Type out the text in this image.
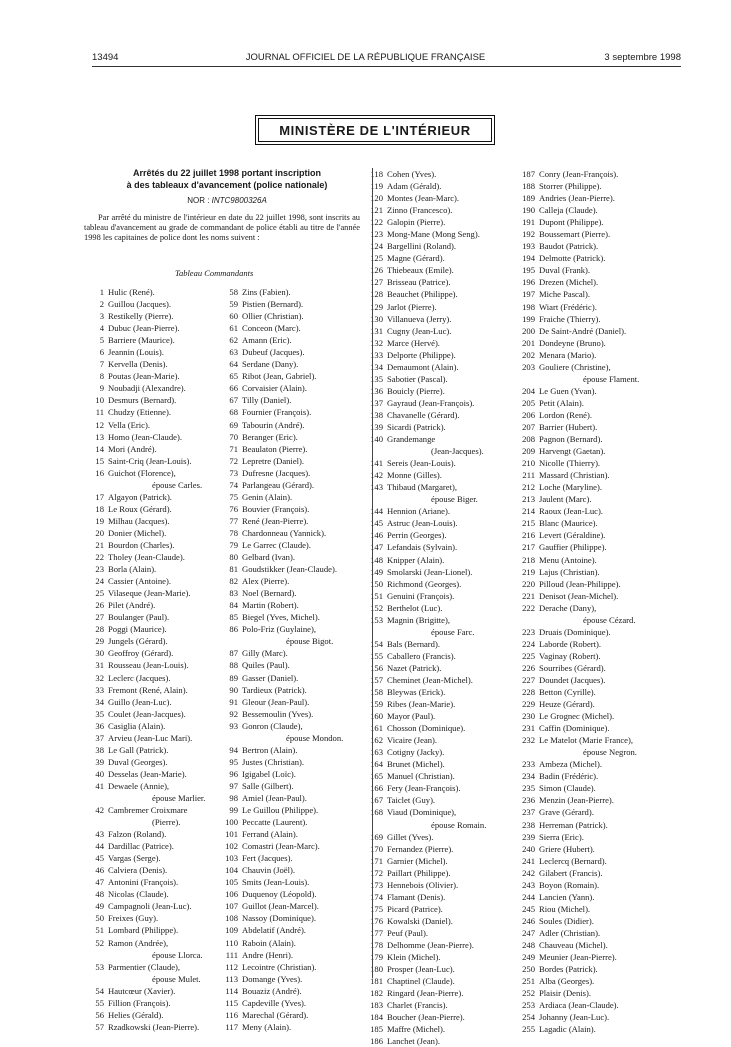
13494	JOURNAL OFFICIEL DE LA RÉPUBLIQUE FRANÇAISE	3 septembre 1998
MINISTÈRE DE L'INTÉRIEUR
Arrêtés du 22 juillet 1998 portant inscription
à des tableaux d'avancement (police nationale)
NOR : INTC9800326A
Par arrêté du ministre de l'intérieur en date du 22 juillet 1998, sont inscrits au tableau d'avancement au grade de commandant de police établi au titre de l'année 1998 les capitaines de police dont les noms suivent :
Tableau Commandants
1 Hulic (René).
2 Guillou (Jacques).
3 Restikelly (Pierre).
4 Dubuc (Jean-Pierre).
5 Barriere (Maurice).
6 Jeannin (Louis).
7 Kervella (Denis).
8 Poutas (Jean-Marie).
9 Noubadji (Alexandre).
10 Desmurs (Bernard).
11 Chudzy (Etienne).
12 Vella (Eric).
13 Homo (Jean-Claude).
14 Mori (André).
15 Saint-Criq (Jean-Louis).
16 Guichot (Florence),
épouse Carles.
17 Algayon (Patrick).
18 Le Roux (Gérard).
19 Milhau (Jacques).
20 Donier (Michel).
21 Bourdon (Charles).
22 Tholey (Jean-Claude).
23 Borla (Alain).
24 Cassier (Antoine).
25 Vilaseque (Jean-Marie).
26 Pilet (André).
27 Boulanger (Paul).
28 Poggi (Maurice).
29 Jungels (Gérard).
30 Geoffroy (Gérard).
31 Rousseau (Jean-Louis).
32 Leclerc (Jacques).
33 Fremont (René, Alain).
34 Guillo (Jean-Luc).
35 Coulet (Jean-Jacques).
36 Casiglia (Alain).
37 Arvieu (Jean-Luc Mari).
38 Le Gall (Patrick).
39 Duval (Georges).
40 Desselas (Jean-Marie).
41 Dewaele (Annie),
épouse Marlier.
42 Cambremer Croixmare
(Pierre).
43 Falzon (Roland).
44 Dardillac (Patrice).
45 Vargas (Serge).
46 Calviera (Denis).
47 Antonini (François).
48 Nicolas (Claude).
49 Campagnoli (Jean-Luc).
50 Freixes (Guy).
51 Lombard (Philippe).
52 Ramon (Andrée),
épouse Llorca.
53 Parmentier (Claude),
épouse Mulet.
54 Hautcœur (Xavier).
55 Fillion (François).
56 Helies (Gérald).
57 Rzadkowski (Jean-Pierre).
58 Zins (Fabien).
59 Pistien (Bernard).
60 Ollier (Christian).
61 Conceon (Marc).
62 Amann (Eric).
63 Dubeuf (Jacques).
64 Serdane (Dany).
65 Ribot (Jean, Gabriel).
66 Corvaisier (Alain).
67 Tilly (Daniel).
68 Fournier (François).
69 Tabourin (André).
70 Beranger (Eric).
71 Beaulaton (Pierre).
72 Lepretre (Daniel).
73 Dufresne (Jacques).
74 Parlangeau (Gérard).
75 Genin (Alain).
76 Bouvier (François).
77 René (Jean-Pierre).
78 Chardonneau (Yannick).
79 Le Garrec (Claude).
80 Gelbard (Ivan).
81 Goudstikker (Jean-Claude).
82 Alex (Pierre).
83 Noel (Bernard).
84 Martin (Robert).
85 Biegel (Yves, Michel).
86 Polo-Friz (Guylaine),
épouse Bigot.
87 Gilly (Marc).
88 Quiles (Paul).
89 Gasser (Daniel).
90 Tardieux (Patrick).
91 Gleour (Jean-Paul).
92 Bessemoulin (Yves).
93 Gonron (Claude),
épouse Mondon.
94 Bertron (Alain).
95 Justes (Christian).
96 Igigabel (Loïc).
97 Salle (Gilbert).
98 Amiel (Jean-Paul).
99 Le Guillou (Philippe).
100 Peccatte (Laurent).
101 Ferrand (Alain).
102 Comastri (Jean-Marc).
103 Fert (Jacques).
104 Chauvin (Joël).
105 Smits (Jean-Louis).
106 Duquenoy (Léopold).
107 Guillot (Jean-Marcel).
108 Nassoy (Dominique).
109 Abdelatif (André).
110 Raboin (Alain).
111 Andre (Henri).
112 Lecointre (Christian).
113 Domange (Yves).
114 Bouaziz (André).
115 Capdeville (Yves).
116 Marechal (Gérard).
117 Meny (Alain).
118 Cohen (Yves).
119 Adam (Gérald).
120 Montes (Jean-Marc).
121 Zinno (Francesco).
122 Galopin (Pierre).
123 Mong-Mane (Mong Seng).
124 Bargellini (Roland).
125 Magne (Gérard).
126 Thiebeaux (Emile).
127 Brisseau (Patrice).
128 Beauchet (Philippe).
129 Jarlot (Pierre).
130 Villanueva (Jerry).
131 Cugny (Jean-Luc).
132 Marce (Hervé).
133 Delporte (Philippe).
134 Demaumont (Alain).
135 Sabotier (Pascal).
136 Bouicly (Pierre).
137 Gayraud (Jean-François).
138 Chavanelle (Gérard).
139 Sicardi (Patrick).
140 Grandemange
(Jean-Jacques).
141 Sereis (Jean-Louis).
142 Monne (Gilles).
143 Thibaud (Margaret),
épouse Biger.
144 Hennion (Ariane).
145 Astruc (Jean-Louis).
146 Perrin (Georges).
147 Lefandais (Sylvain).
148 Knipper (Alain).
149 Smolarski (Jean-Lionel).
150 Richmond (Georges).
151 Genuini (François).
152 Berthelot (Luc).
153 Magnin (Brigitte),
épouse Farc.
154 Bals (Bernard).
155 Caballero (Francis).
156 Nazet (Patrick).
157 Cheminet (Jean-Michel).
158 Bleywas (Erick).
159 Ribes (Jean-Marie).
160 Mayor (Paul).
161 Chosson (Dominique).
162 Vicaire (Jean).
163 Cotigny (Jacky).
164 Brunet (Michel).
165 Manuel (Christian).
166 Fery (Jean-François).
167 Taiclet (Guy).
168 Viaud (Dominique),
épouse Romain.
169 Gillet (Yves).
170 Fernandez (Pierre).
171 Garnier (Michel).
172 Paillart (Philippe).
173 Hennebois (Olivier).
174 Flamant (Denis).
175 Picard (Patrice).
176 Kowalski (Daniel).
177 Peuf (Paul).
178 Delhomme (Jean-Pierre).
179 Klein (Michel).
180 Prosper (Jean-Luc).
181 Chaptinel (Claude).
182 Ringard (Jean-Pierre).
183 Charlet (Francis).
184 Boucher (Jean-Pierre).
185 Maffre (Michel).
186 Lanchet (Jean).
187 Conry (Jean-François).
188 Storrer (Philippe).
189 Andries (Jean-Pierre).
190 Calleja (Claude).
191 Dupont (Philippe).
192 Boussemart (Pierre).
193 Baudot (Patrick).
194 Delmotte (Patrick).
195 Duval (Frank).
196 Drezen (Michel).
197 Miche Pascal).
198 Wiart (Frédéric).
199 Fraiche (Thierry).
200 De Saint-André (Daniel).
201 Dondeyne (Bruno).
202 Menara (Mario).
203 Gouliere (Christine),
épouse Flament.
204 Le Guen (Yvan).
205 Petit (Alain).
206 Lordon (René).
207 Barrier (Hubert).
208 Pagnon (Bernard).
209 Harvengt (Gaetan).
210 Nicolle (Thierry).
211 Massard (Christian).
212 Loche (Maryline).
213 Jaulent (Marc).
214 Raoux (Jean-Luc).
215 Blanc (Maurice).
216 Levert (Géraldine).
217 Gauffier (Philippe).
218 Menu (Antoine).
219 Lajus (Christian).
220 Pilloud (Jean-Philippe).
221 Denisot (Jean-Michel).
222 Derache (Dany),
épouse Cézard.
223 Druais (Dominique).
224 Laborde (Robert).
225 Vaginay (Robert).
226 Sourribes (Gérard).
227 Doundet (Jacques).
228 Betton (Cyrille).
229 Heuze (Gérard).
230 Le Grognec (Michel).
231 Caffin (Dominique).
232 Le Matelot (Marie France),
épouse Negron.
233 Ambeza (Michel).
234 Badin (Frédéric).
235 Simon (Claude).
236 Menzin (Jean-Pierre).
237 Grave (Gérard).
238 Herreman (Patrick).
239 Sierra (Eric).
240 Griere (Hubert).
241 Leclercq (Bernard).
242 Gilabert (Francis).
243 Boyon (Romain).
244 Lancien (Yann).
245 Riou (Michel).
246 Soules (Didier).
247 Adler (Christian).
248 Chauveau (Michel).
249 Meunier (Jean-Pierre).
250 Bordes (Patrick).
251 Alba (Georges).
252 Plaisir (Denis).
253 Ardiaca (Jean-Claude).
254 Johanny (Jean-Luc).
255 Lagadic (Alain).
